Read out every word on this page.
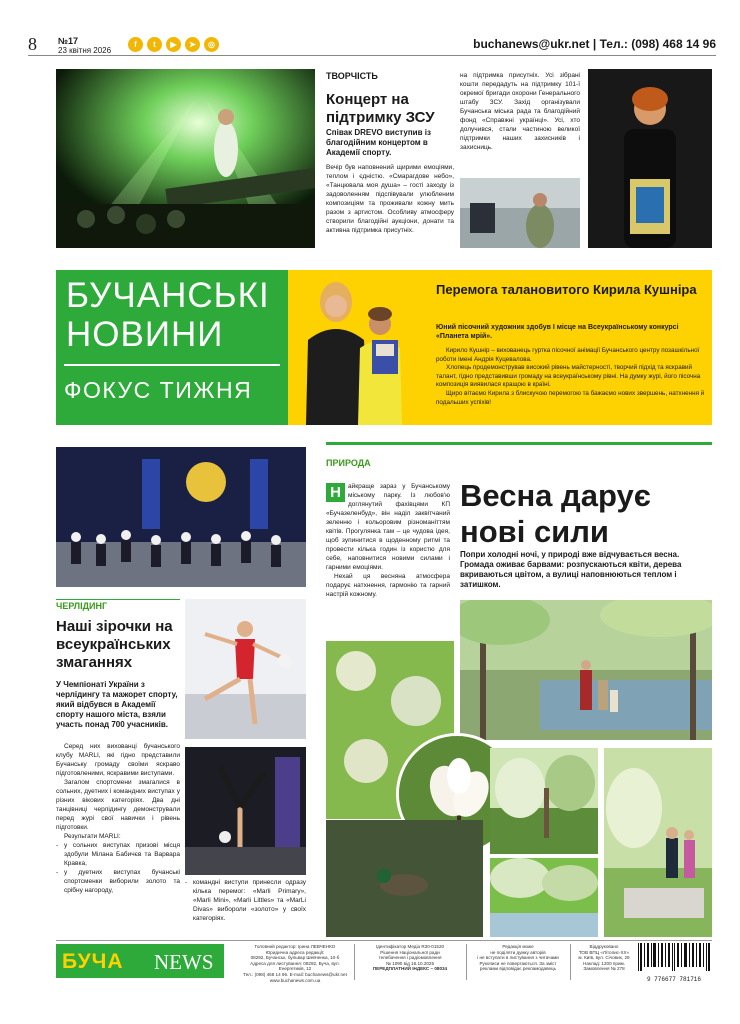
8 №17
23 квітня 2026
f	t	▶	➤	◎	buchanews@ukr.net | Тел.: (098) 468 14 96
ТВОРЧІСТЬ
Концерт на підтримку ЗСУ
Співак DREVO виступив із благодійним концертом в Академії спорту.
Вечір був наповнений щирими емоціями, теплом і єдністю. «Смарагдове небо», «Танцювала моя душа» – гості заходу із задоволенням підспівували улюбленим композиціям та проживали кожну мить разом з артистом. Особливу атмосферу створили благодійні аукціони, донати та активна підтримка присутніх.
на підтримка присутніх. Усі зібрані кошти передадуть на підтримку 101-ї окремої бригади охорони Генерального штабу ЗСУ. Захід організували Бучанська міська рада та благодійний фонд «Справжні українці». Усі, хто долучився, стали частиною великої підтримки наших захисників і захисниць.
БУЧАНСЬКІ
НОВИНИ
ФОКУС ТИЖНЯ
Перемога талановитого Кирила Кушніра
Юний пісочний художник здобув І місце на Всеукраїнському конкурсі «Планета мрій».

Кирило Кушнір – вихованець гуртка пісочної анімації Бучанського центру позашкільної роботи імені Андрія Куцевалова.

Хлопець продемонстрував високий рівень майстерності, творчий підхід та яскравий талант, гідно представивши громаду на всеукраїнському рівні. На думку журі, його пісочна композиція виявилася кращою в країні.

Щиро вітаємо Кирила з блискучою перемогою та бажаємо нових звершень, натхнення й подальших успіхів!

ЧЕРЛІДИНГ
Наші зірочки на всеукраїнських змаганнях
У Чемпіонаті України з черлідингу та мажорет спорту, який відбувся в Академії спорту нашого міста, взяли участь понад 700 учасників.

Серед них вихованці бучанського клубу MARLI, які гідно представили Бучанську громаду своїми яскраво підготовленими, яскравими виступами.

Загалом спортсмени змагалися в сольних, дуетних і командних виступах у різних вікових категоріях. Два дні танцівниці черлідингу демонстрували перед журі свої навички і рівень підготовки.

Результати MARLI:

- у сольних виступах призові місця здобули Мілана Бабичєв та Варвара Кравка,
- у дуетних виступах бучанські спортсменки виборили золото та срібну нагороду,
- командні виступи принесли одразу кілька перемог: «Marli Primary», «Marli Mini», «Marli Littles» та «MarLi Divas» вибороли «золото» у своїх категоріях.
ПРИРОДА
Н	айкраще зараз у Бучанському міському парку. Із любов'ю доглянутий фахівцями КП «Бучазеленбуд», він наділ заквітчаний зеленню і кольоровим різноманіттям квітів. Прогулянка там – це чудова ідея, щоб зупинитися в щоденному ритмі та провести кілька годин із користю для себе, наповнитися новими силами і гарними емоціями.

Нехай ця весняна атмосфера подарує натхнення, гармонію та гарний настрій кожному.

Весна дарує
нові сили
Попри холодні ночі, у природі вже відчувається весна. Громада оживає барвами: розпускаються квіти, дерева вкриваються цвітом, а вулиці наповнюються теплом і затишком.
БУЧА NEWS
Головний редактор: Ірина ЛЕВЧЕНКО
Юридична адреса редакції:
08292, Бучанськ, бульвар Шевченка, 10-б
Адреса для листування: 08292, Буча, вул. Енергетиків, 12
Тел.: (098) 468 14 96. E-mail: buchanews@ukr.net
www.buchanews.com.ua
Ідентифікатор Медіа R30-01520
Рішення Національної ради
телебачення і радіомовлення
№ 1090 від 16.10.2025
ПЕРЕДПЛАТНИЙ ІНДЕКС – 08034
Редакція може
не поділяти думку авторів
і не вступати в листування з читачами
Рукописи не повертаються. За зміст
реклами відповідає рекламодавець
Віддруковано
ТОВ ВПЦ «Літопис-ХХ»
м. Київ, вул. Січових, 29
Наклад: 1200 прим.
Замовлення № 278
9 776677 781716
